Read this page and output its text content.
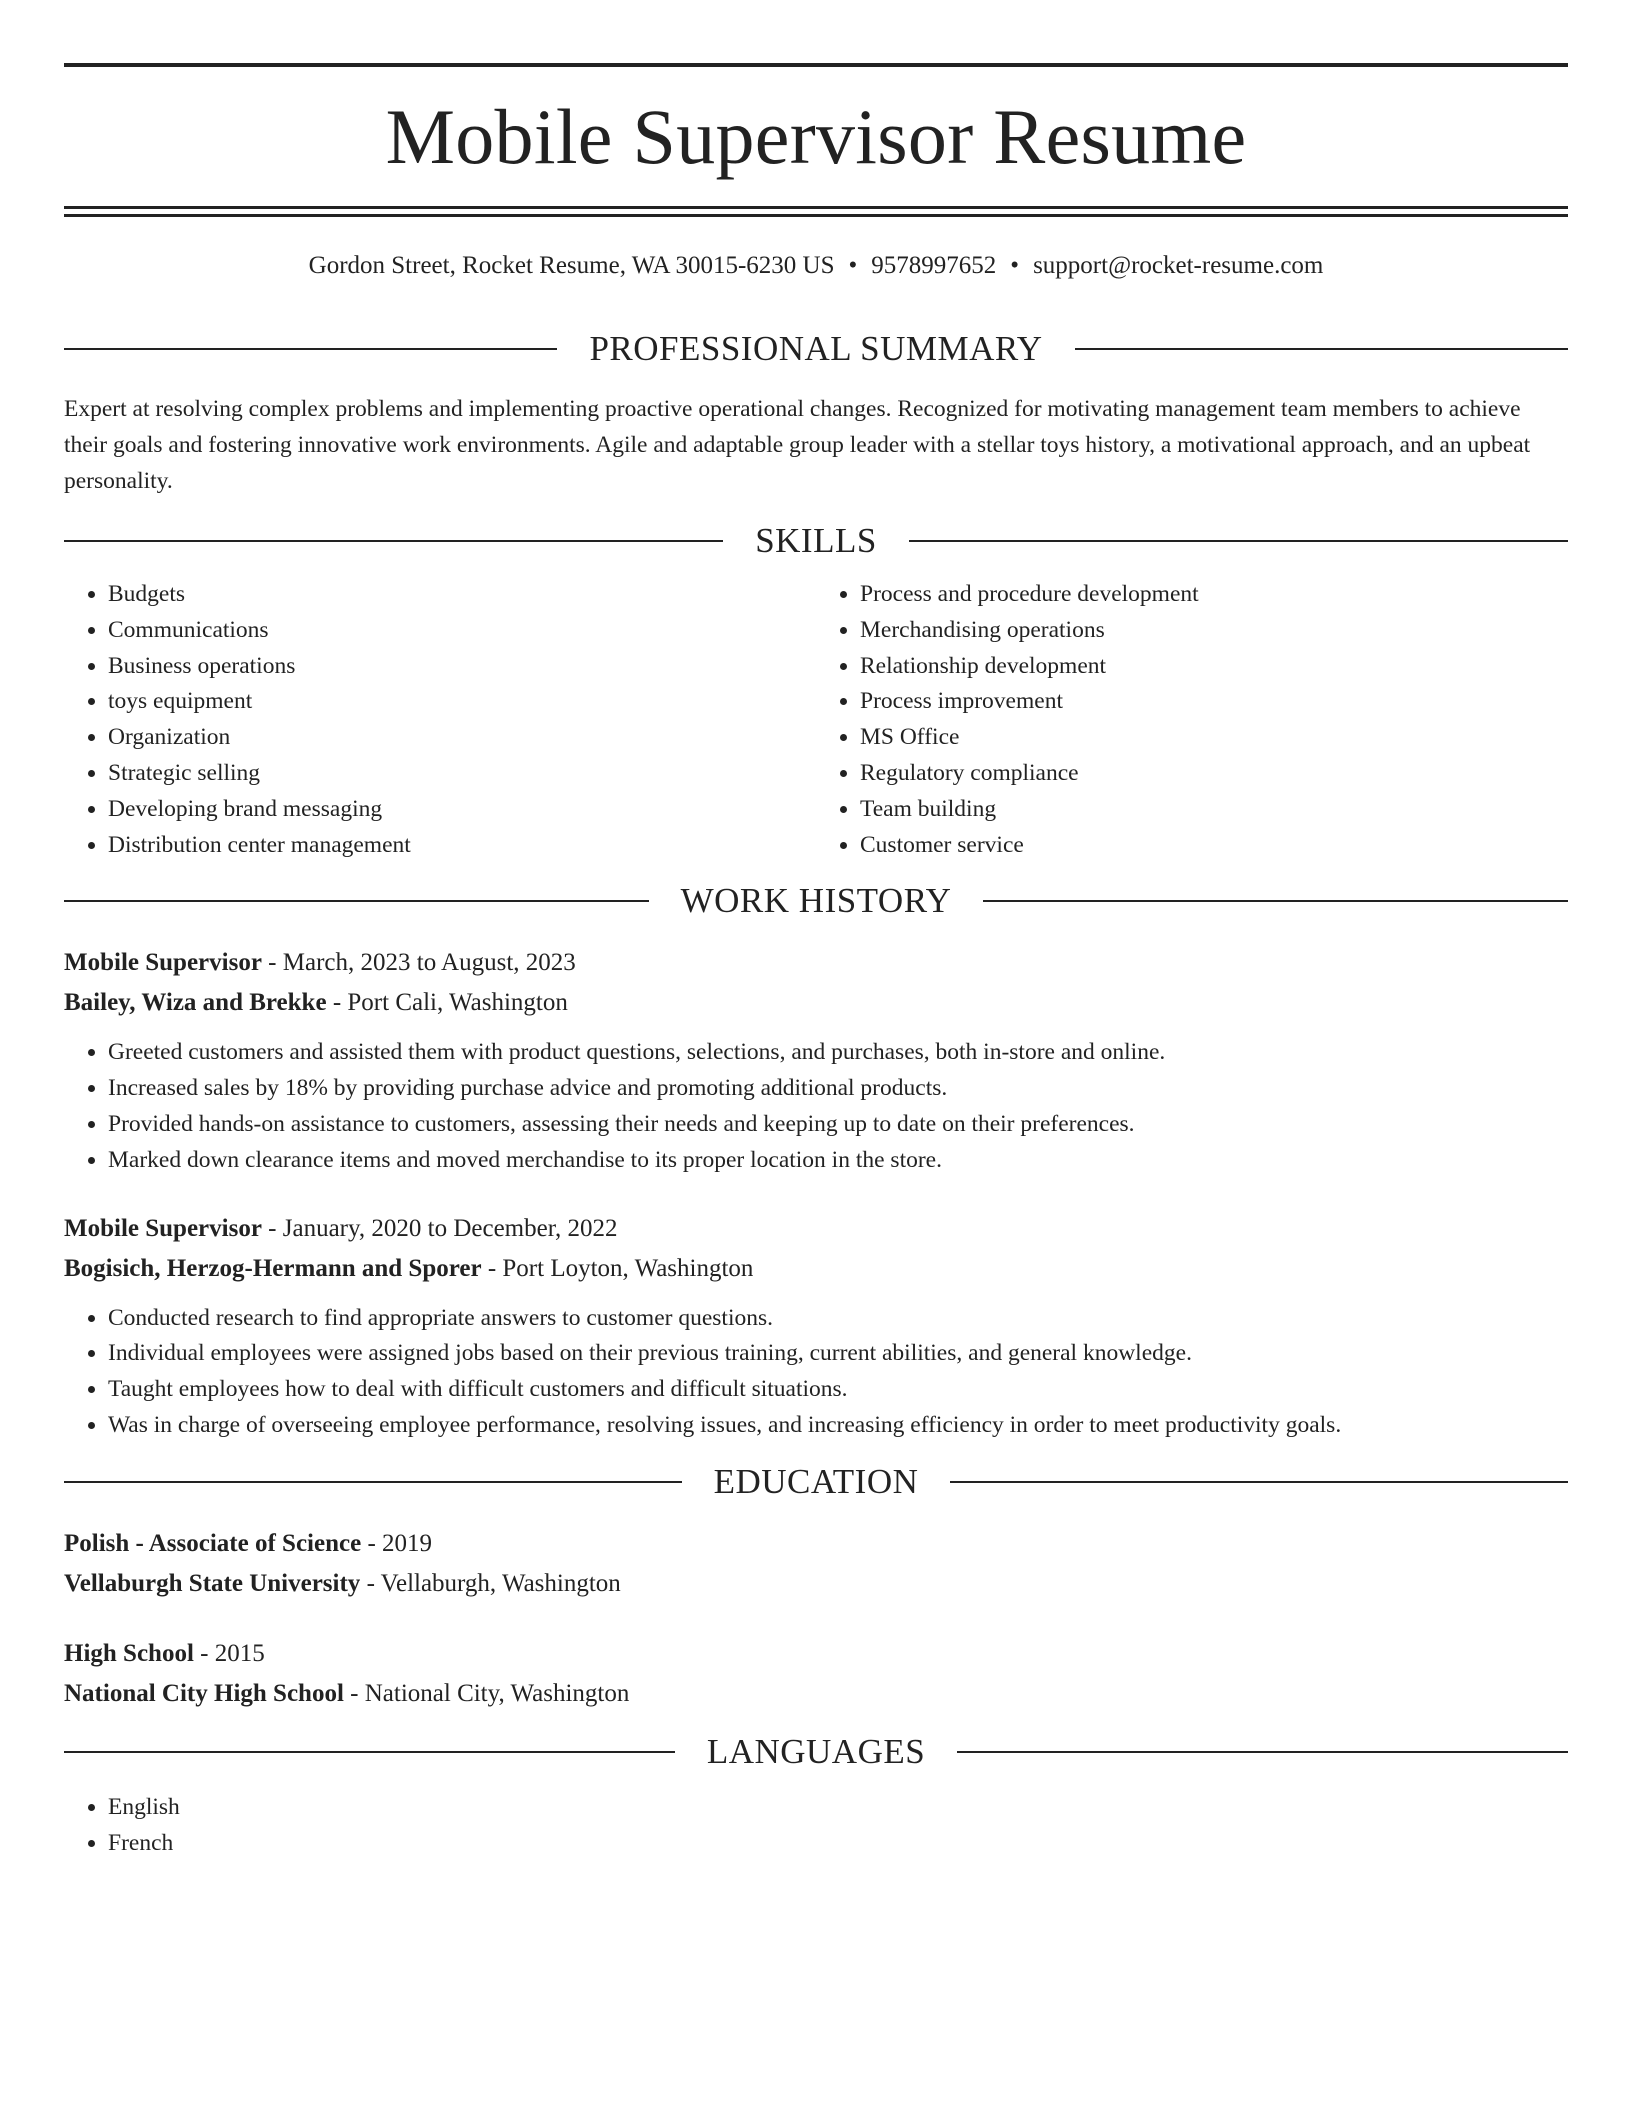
Mobile Supervisor Resume
Gordon Street, Rocket Resume, WA 30015-6230 US • 9578997652 • support@rocket-resume.com
PROFESSIONAL SUMMARY

Expert at resolving complex problems and implementing proactive operational changes. Recognized for motivating management team members to achieve their goals and fostering innovative work environments. Agile and adaptable group leader with a stellar toys history, a motivational approach, and an upbeat personality.

SKILLS
• Budgets
• Communications
• Business operations
• toys equipment
• Organization
• Strategic selling
• Developing brand messaging
• Distribution center management
• Process and procedure development
• Merchandising operations
• Relationship development
• Process improvement
• MS Office
• Regulatory compliance
• Team building
• Customer service
WORK HISTORY
Mobile Supervisor - March, 2023 to August, 2023
Bailey, Wiza and Brekke - Port Cali, Washington
• Greeted customers and assisted them with product questions, selections, and purchases, both in-store and online.
• Increased sales by 18% by providing purchase advice and promoting additional products.
• Provided hands-on assistance to customers, assessing their needs and keeping up to date on their preferences.
• Marked down clearance items and moved merchandise to its proper location in the store.
Mobile Supervisor - January, 2020 to December, 2022
Bogisich, Herzog-Hermann and Sporer - Port Loyton, Washington
• Conducted research to find appropriate answers to customer questions.
• Individual employees were assigned jobs based on their previous training, current abilities, and general knowledge.
• Taught employees how to deal with difficult customers and difficult situations.
• Was in charge of overseeing employee performance, resolving issues, and increasing efficiency in order to meet productivity goals.
EDUCATION
Polish - Associate of Science - 2019
Vellaburgh State University - Vellaburgh, Washington
High School - 2015
National City High School - National City, Washington
LANGUAGES
• English
• French
